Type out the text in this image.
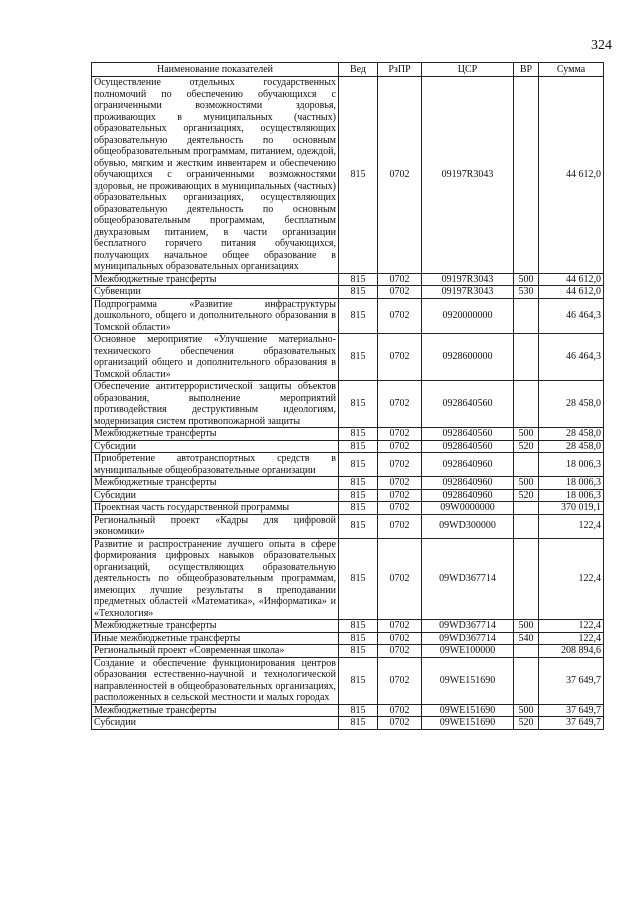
324
Наименование показателей	Вед	РзПР	ЦСР	ВР	Сумма
Осуществление отдельных государственных полномочий по обеспечению обучающихся с ограниченными возможностями здоровья, проживающих в муниципальных (частных) образовательных организациях, осуществляющих образовательную деятельность по основным общеобразовательным программам, питанием, одеждой, обувью, мягким и жестким инвентарем и обеспечению обучающихся с ограниченными возможностями здоровья, не проживающих в муниципальных (частных) образовательных организациях, осуществляющих образовательную деятельность по основным общеобразовательным программам, бесплатным двухразовым питанием, в части организации бесплатного горячего питания обучающихся, получающих начальное общее образование в муниципальных образовательных организациях	815	0702	09197R3043		44 612,0
Межбюджетные трансферты	815	0702	09197R3043	500	44 612,0
Субвенции	815	0702	09197R3043	530	44 612,0
Подпрограмма «Развитие инфраструктуры дошкольного, общего и дополнительного образования в Томской области»	815	0702	0920000000		46 464,3
Основное мероприятие «Улучшение материально-технического обеспечения образовательных организаций общего и дополнительного образования в Томской области»	815	0702	0928600000		46 464,3
Обеспечение антитеррористической защиты объектов образования, выполнение мероприятий противодействия деструктивным идеологиям, модернизация систем противопожарной защиты	815	0702	0928640560		28 458,0
Межбюджетные трансферты	815	0702	0928640560	500	28 458,0
Субсидии	815	0702	0928640560	520	28 458,0
Приобретение автотранспортных средств в муниципальные общеобразовательные организации	815	0702	0928640960		18 006,3
Межбюджетные трансферты	815	0702	0928640960	500	18 006,3
Субсидии	815	0702	0928640960	520	18 006,3
Проектная часть государственной программы	815	0702	09W0000000		370 019,1
Региональный проект «Кадры для цифровой экономики»	815	0702	09WD300000		122,4
Развитие и распространение лучшего опыта в сфере формирования цифровых навыков образовательных организаций, осуществляющих образовательную деятельность по общеобразовательным программам, имеющих лучшие результаты в преподавании предметных областей «Математика», «Информатика» и «Технология»	815	0702	09WD367714		122,4
Межбюджетные трансферты	815	0702	09WD367714	500	122,4
Иные межбюджетные трансферты	815	0702	09WD367714	540	122,4
Региональный проект «Современная школа»	815	0702	09WE100000		208 894,6
Создание и обеспечение функционирования центров образования естественно-научной и технологической направленностей в общеобразовательных организациях, расположенных в сельской местности и малых городах	815	0702	09WE151690		37 649,7
Межбюджетные трансферты	815	0702	09WE151690	500	37 649,7
Субсидии	815	0702	09WE151690	520	37 649,7
